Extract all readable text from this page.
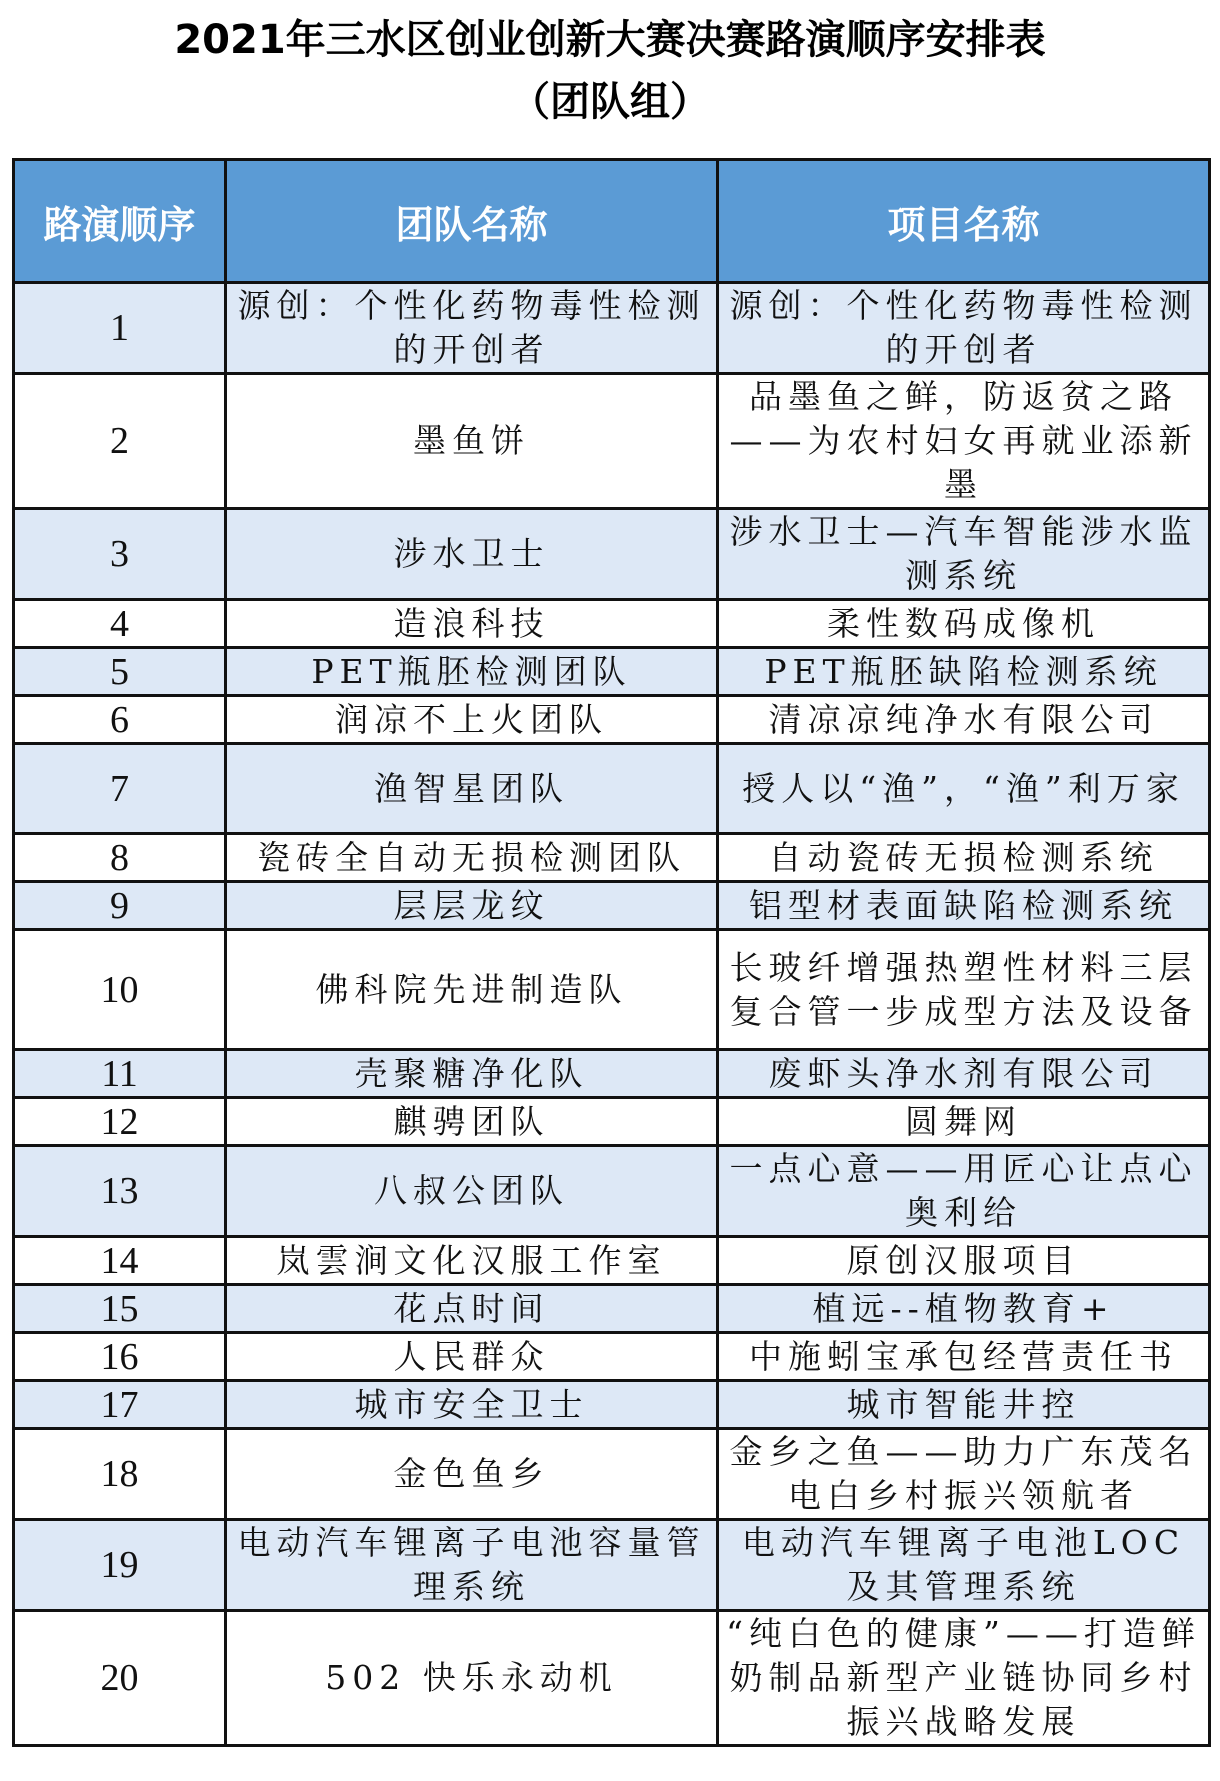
2021年三水区创业创新大赛决赛路演顺序安排表
（团队组）
路演顺序	团队名称	项目名称
1	源创：个性化药物毒性检测的开创者	源创：个性化药物毒性检测的开创者
2	墨鱼饼	品墨鱼之鲜，防返贫之路——为农村妇女再就业添新墨
3	涉水卫士	涉水卫士—汽车智能涉水监测系统
4	造浪科技	柔性数码成像机
5	PET瓶胚检测团队	PET瓶胚缺陷检测系统
6	润凉不上火团队	清凉凉纯净水有限公司
7	渔智星团队	授人以“渔”，“渔”利万家
8	瓷砖全自动无损检测团队	自动瓷砖无损检测系统
9	层层龙纹	铝型材表面缺陷检测系统
10	佛科院先进制造队	长玻纤增强热塑性材料三层复合管一步成型方法及设备
11	壳聚糖净化队	废虾头净水剂有限公司
12	麒骋团队	圆舞网
13	八叔公团队	一点心意——用匠心让点心奥利给
14	岚雲涧文化汉服工作室	原创汉服项目
15	花点时间	植远--植物教育+
16	人民群众	中施蚓宝承包经营责任书
17	城市安全卫士	城市智能井控
18	金色鱼乡	金乡之鱼——助力广东茂名电白乡村振兴领航者
19	电动汽车锂离子电池容量管理系统	电动汽车锂离子电池LOC及其管理系统
20	502 快乐永动机	“纯白色的健康”——打造鲜奶制品新型产业链协同乡村振兴战略发展
